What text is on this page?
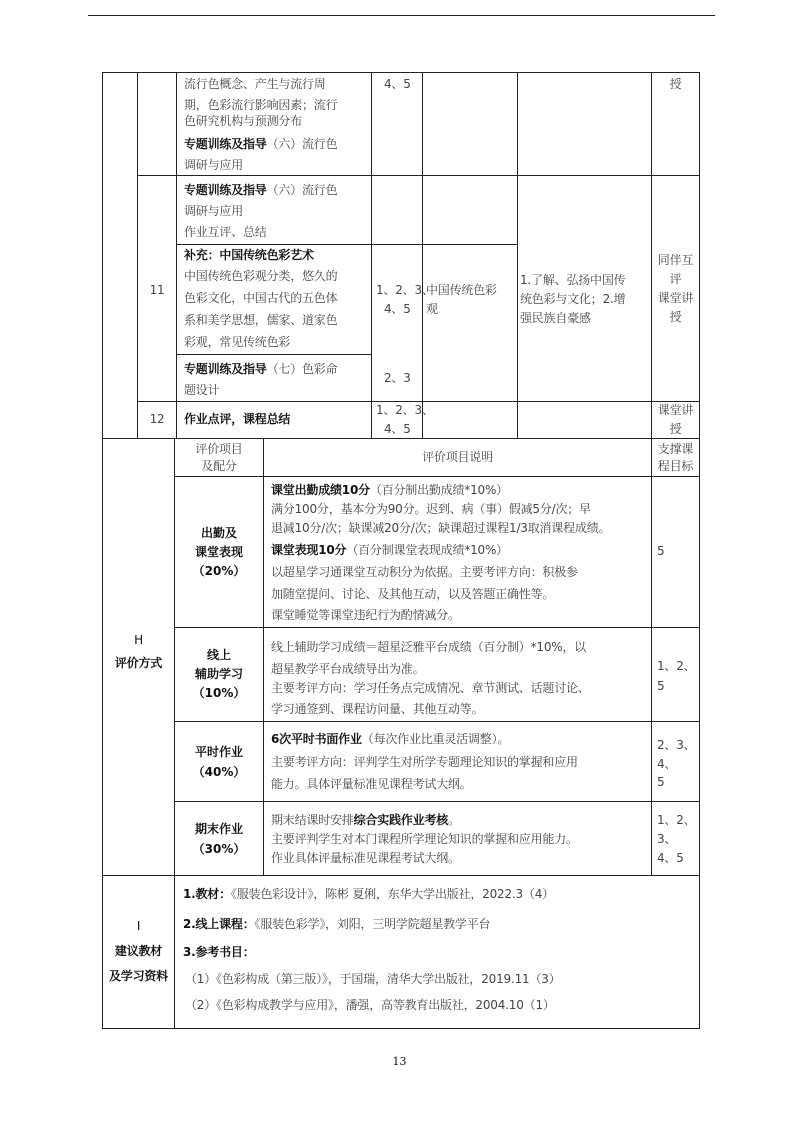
流行色概念、产生与流行周
期，色彩流行影响因素；流行
色研究机构与预测分布
专题训练及指导（六）流行色
调研与应用
4、5	授
11
专题训练及指导（六）流行色
调研与应用
作业互评、总结
补充：中国传统色彩艺术
中国传统色彩观分类，悠久的
色彩文化，中国古代的五色体
系和美学思想，儒家、道家色
彩观，常见传统色彩
1、2、3、
4、5
中国传统色彩
观
1.了解、弘扬中国传
统色彩与文化；2.增
强民族自豪感
同伴互
评
课堂讲
授
专题训练及指导（七）色彩命
题设计
2、3
12	作业点评，课程总结
1、2、3、
4、5
课堂讲
授
H
评价方式
评价项目
及配分
评价项目说明
支撑课
程目标
出勤及
课堂表现
（20%）
课堂出勤成绩10分（百分制出勤成绩*10%）
满分100分，基本分为90分。迟到、病（事）假减5分/次；早
退减10分/次；缺课减20分/次；缺课超过课程1/3取消课程成绩。
课堂表现10分（百分制课堂表现成绩*10%）
以超星学习通课堂互动积分为依据。主要考评方向：积极参
加随堂提问、讨论、及其他互动，以及答题正确性等。
课堂睡觉等课堂违纪行为酌情减分。
5
线上
辅助学习
（10%）
线上辅助学习成绩＝超星泛雅平台成绩（百分制）*10%，以
超星教学平台成绩导出为准。
主要考评方向：学习任务点完成情况、章节测试、话题讨论、
学习通签到、课程访问量、其他互动等。
1、2、
5
平时作业
（40%）
6次平时书面作业（每次作业比重灵活调整）。
主要考评方向：评判学生对所学专题理论知识的掌握和应用
能力。具体评量标准见课程考试大纲。
2、3、
4、
5
期末作业
（30%）
期末结课时安排综合实践作业考核。
主要评判学生对本门课程所学理论知识的掌握和应用能力。
作业具体评量标准见课程考试大纲。
1、2、
3、
4、5
I
建议教材
及学习资料
1.教材：《服装色彩设计》，陈彬 夏俐，东华大学出版社，2022.3（4）
2.线上课程：《服装色彩学》，刘阳，三明学院超星教学平台
3.参考书目：
（1）《色彩构成（第三版）》，于国瑞，清华大学出版社，2019.11（3）
（2）《色彩构成教学与应用》，潘强，高等教育出版社，2004.10（1）
13
